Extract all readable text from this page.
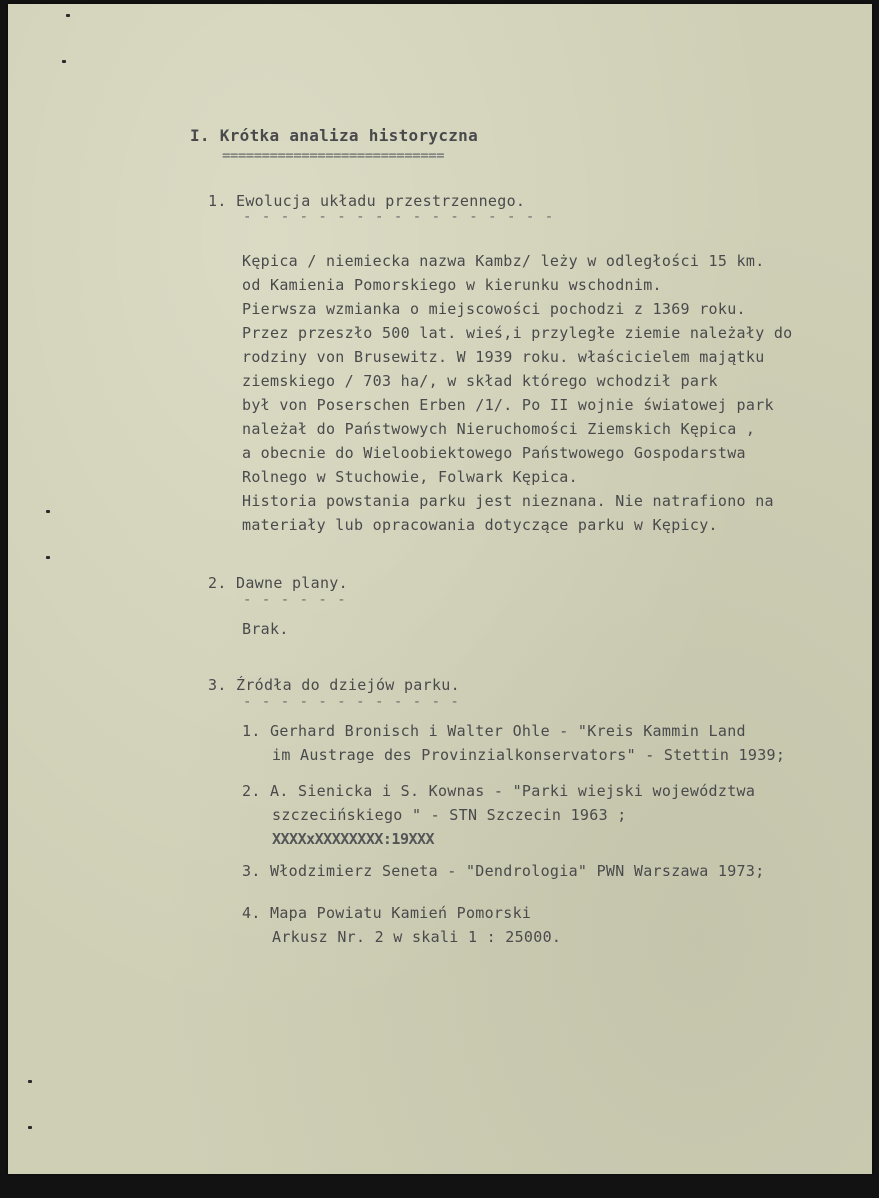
I. Krótka analiza historyczna
============================
1. Ewolucja układu przestrzennego.
- - - - - - - - - - - - - - - - -
Kępica / niemiecka nazwa Kambz/ leży w odległości 15 km.
od Kamienia Pomorskiego w kierunku wschodnim.
Pierwsza wzmianka o miejscowości pochodzi z 1369 roku.
Przez przeszło 500 lat. wieś,i przyległe ziemie należały do
rodziny von Brusewitz. W 1939 roku. właścicielem majątku
ziemskiego / 703 ha/, w skład którego wchodził park
był von Poserschen Erben /1/. Po II wojnie światowej park
należał do Państwowych Nieruchomości Ziemskich Kępica ,
a obecnie do Wieloobiektowego Państwowego Gospodarstwa
Rolnego w Stuchowie, Folwark Kępica.
Historia powstania parku jest nieznana. Nie natrafiono na
materiały lub opracowania dotyczące parku w Kępicy.
2. Dawne plany.
- - - - - -
Brak.
3. Źródła do dziejów parku.
- - - - - - - - - - - -
1. Gerhard Bronisch i Walter Ohle - "Kreis Kammin Land
im Austrage des Provinzialkonservators" - Stettin 1939;
2. A. Sienicka i S. Kownas - "Parki wiejski województwa
szczecińskiego " - STN Szczecin 1963 ;
XXXXxXXXXXXXX:19XXX
3. Włodzimierz Seneta - "Dendrologia" PWN Warszawa 1973;
4. Mapa Powiatu Kamień Pomorski
Arkusz Nr. 2 w skali 1 : 25000.
